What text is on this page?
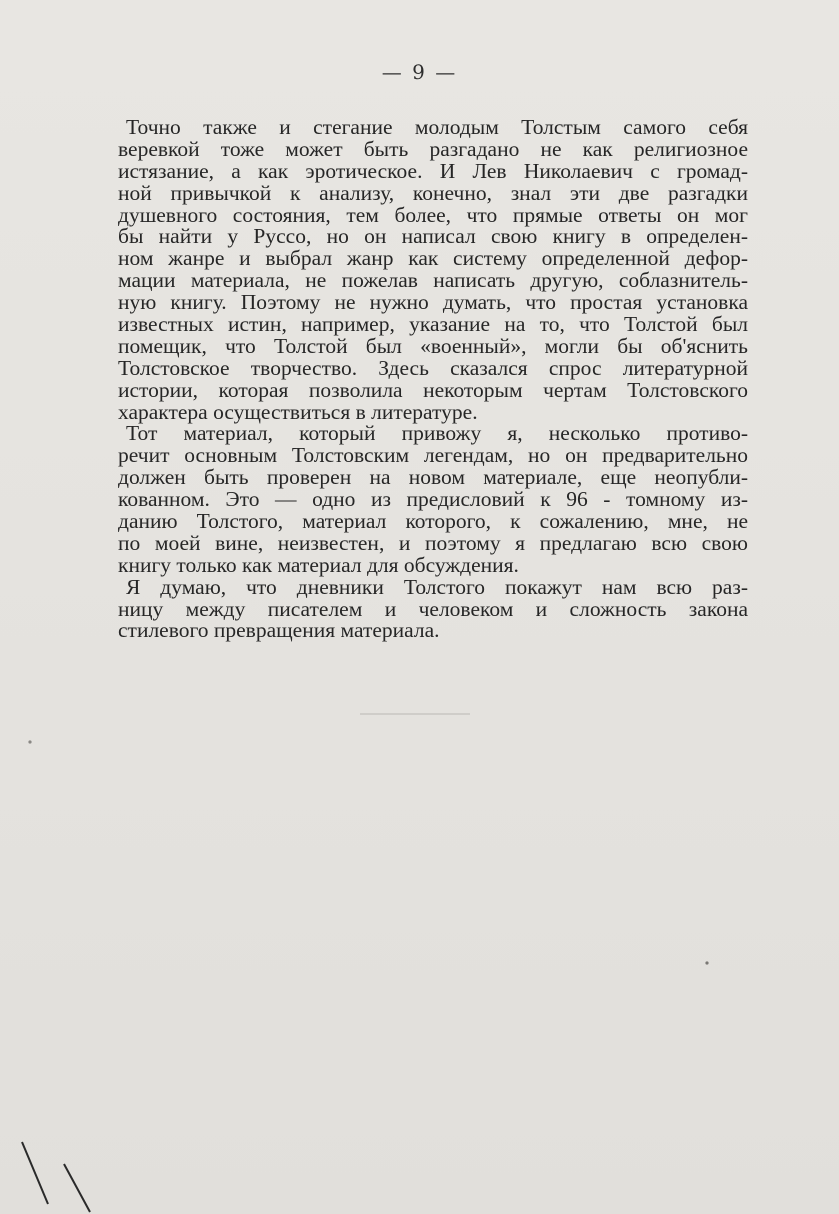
— 9 —
Точно также и стегание молодым Толстым самого себя
веревкой тоже может быть разгадано не как религиозное
истязание, а как эротическое. И Лев Николаевич с громад-
ной привычкой к анализу, конечно, знал эти две разгадки
душевного состояния, тем более, что прямые ответы он мог
бы найти у Руссо, но он написал свою книгу в определен-
ном жанре и выбрал жанр как систему определенной дефор-
мации материала, не пожелав написать другую, соблазнитель-
ную книгу. Поэтому не нужно думать, что простая установка
известных истин, например, указание на то, что Толстой был
помещик, что Толстой был «военный», могли бы об'яснить
Толстовское творчество. Здесь сказался спрос литературной
истории, которая позволила некоторым чертам Толстовского
характера осуществиться в литературе.
Тот материал, который привожу я, несколько противо-
речит основным Толстовским легендам, но он предварительно
должен быть проверен на новом материале, еще неопубли-
кованном. Это — одно из предисловий к 96 - томному из-
данию Толстого, материал которого, к сожалению, мне, не
по моей вине, неизвестен, и поэтому я предлагаю всю свою
книгу только как материал для обсуждения.
Я думаю, что дневники Толстого покажут нам всю раз-
ницу между писателем и человеком и сложность закона
стилевого превращения материала.
